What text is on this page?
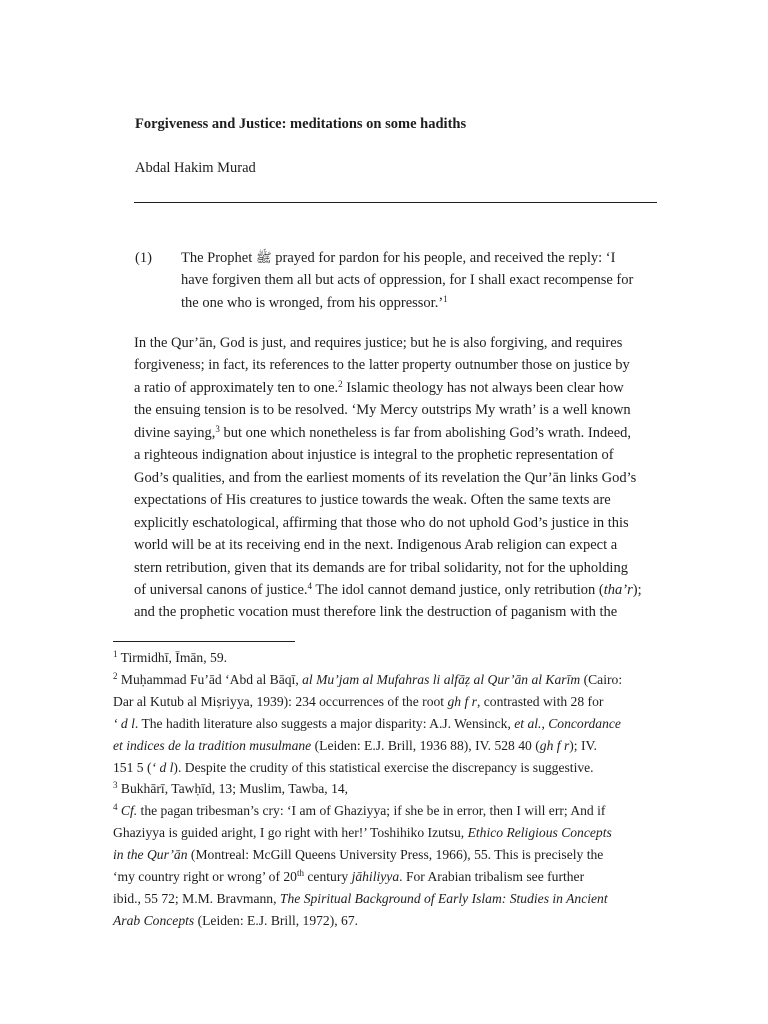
Forgiveness and Justice: meditations on some hadiths
Abdal Hakim Murad
(1) The Prophet ﷺ prayed for pardon for his people, and received the reply: ‘I
have forgiven them all but acts of oppression, for I shall exact recompense for
the one who is wronged, from his oppressor.’$^1$
In the Qur’ān, God is just, and requires justice; but he is also forgiving, and requires
forgiveness; in fact, its references to the latter property outnumber those on justice by
a ratio of approximately ten to one.$^2$ Islamic theology has not always been clear how
the ensuing tension is to be resolved. ‘My Mercy outstrips My wrath’ is a well known
divine saying,$^3$ but one which nonetheless is far from abolishing God’s wrath. Indeed,
a righteous indignation about injustice is integral to the prophetic representation of
God’s qualities, and from the earliest moments of its revelation the Qur’ān links God’s
expectations of His creatures to justice towards the weak. Often the same texts are
explicitly eschatological, affirming that those who do not uphold God’s justice in this
world will be at its receiving end in the next. Indigenous Arab religion can expect a
stern retribution, given that its demands are for tribal solidarity, not for the upholding
of universal canons of justice.$^4$ The idol cannot demand justice, only retribution (tha’r);
and the prophetic vocation must therefore link the destruction of paganism with the
$^1$ Tirmidhī, Īmān, 59.
$^2$ Muḥammad Fu’ād ‘Abd al Bāqī, al Mu’jam al Mufahras li alfāẓ al Qur’ān al Karīm (Cairo:
Dar al Kutub al Miṣriyya, 1939): 234 occurrences of the root gh f r, contrasted with 28 for
‘ d l. The hadith literature also suggests a major disparity: A.J. Wensinck, et al., Concordance
et indices de la tradition musulmane (Leiden: E.J. Brill, 1936 88), IV. 528 40 (gh f r); IV.
151 5 (‘ d l). Despite the crudity of this statistical exercise the discrepancy is suggestive.
$^3$ Bukhārī, Tawḥīd, 13; Muslim, Tawba, 14,
$^4$ Cf. the pagan tribesman’s cry: ‘I am of Ghaziyya; if she be in error, then I will err; And if
Ghaziyya is guided aright, I go right with her!’ Toshihiko Izutsu, Ethico Religious Concepts
in the Qur’ān (Montreal: McGill Queens University Press, 1966), 55. This is precisely the
‘my country right or wrong’ of 20th century jāhiliyya. For Arabian tribalism see further
ibid., 55 72; M.M. Bravmann, The Spiritual Background of Early Islam: Studies in Ancient
Arab Concepts (Leiden: E.J. Brill, 1972), 67.
